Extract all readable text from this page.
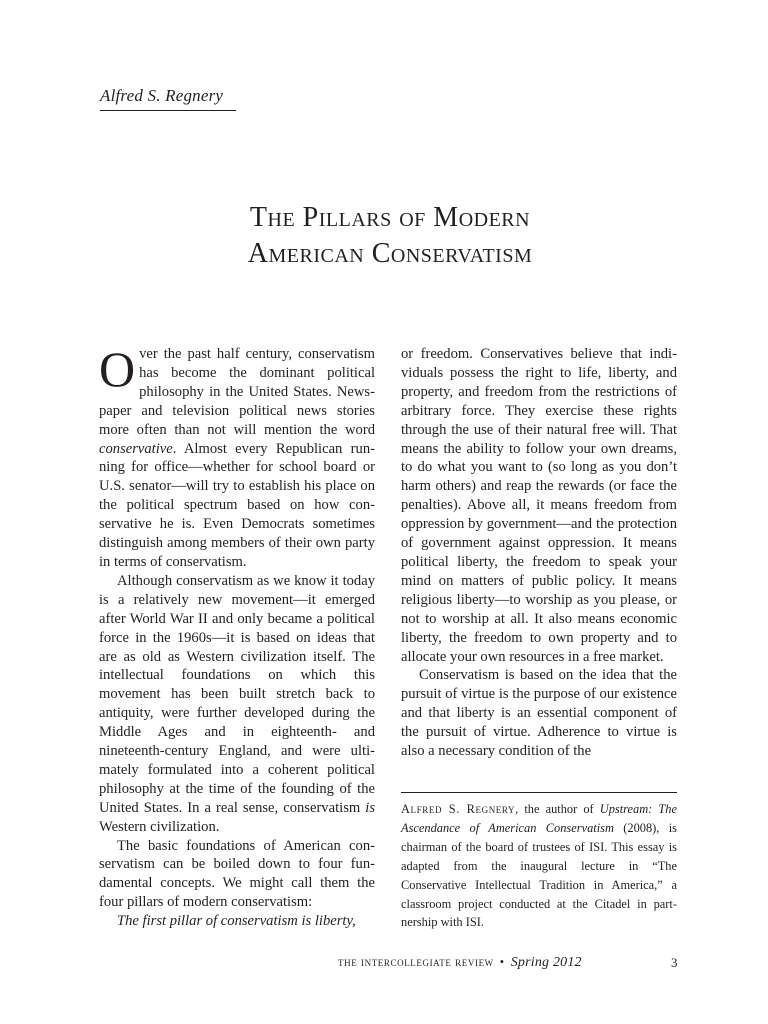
Alfred S. Regnery
The Pillars of Modern
American Conservatism

Over the past half century, conservatism has become the dominant political philosophy in the United States. Newspaper and television political news stories more often than not will mention the word conservative. Almost every Republican running for office—whether for school board or U.S. senator—will try to establish his place on the political spectrum based on how conservative he is. Even Democrats sometimes distinguish among members of their own party in terms of conservatism.

Although conservatism as we know it today is a relatively new movement—it emerged after World War II and only became a political force in the 1960s—it is based on ideas that are as old as Western civilization itself. The intellectual foundations on which this movement has been built stretch back to antiquity, were further developed during the Middle Ages and in eighteenth- and nineteenth-century England, and were ultimately formulated into a coherent political philosophy at the time of the founding of the United States. In a real sense, conservatism is Western civilization.

The basic foundations of American conservatism can be boiled down to four fundamental concepts. We might call them the four pillars of modern conservatism:

The first pillar of conservatism is liberty,

or freedom. Conservatives believe that individuals possess the right to life, liberty, and property, and freedom from the restrictions of arbitrary force. They exercise these rights through the use of their natural free will. That means the ability to follow your own dreams, to do what you want to (so long as you don’t harm others) and reap the rewards (or face the penalties). Above all, it means freedom from oppression by government—and the protection of government against oppression. It means political liberty, the freedom to speak your mind on matters of public policy. It means religious liberty—to worship as you please, or not to worship at all. It also means economic liberty, the freedom to own property and to allocate your own resources in a free market.

Conservatism is based on the idea that the pursuit of virtue is the purpose of our existence and that liberty is an essential component of the pursuit of virtue. Adherence to virtue is also a necessary condition of the

Alfred S. Regnery, the author of Upstream: The Ascendance of American Conservatism (2008), is chairman of the board of trustees of ISI. This essay is adapted from the inaugural lecture in “The Conservative Intellectual Tradition in America,” a classroom project conducted at the Citadel in partnership with ISI.
the intercollegiate review • Spring 2012	3
